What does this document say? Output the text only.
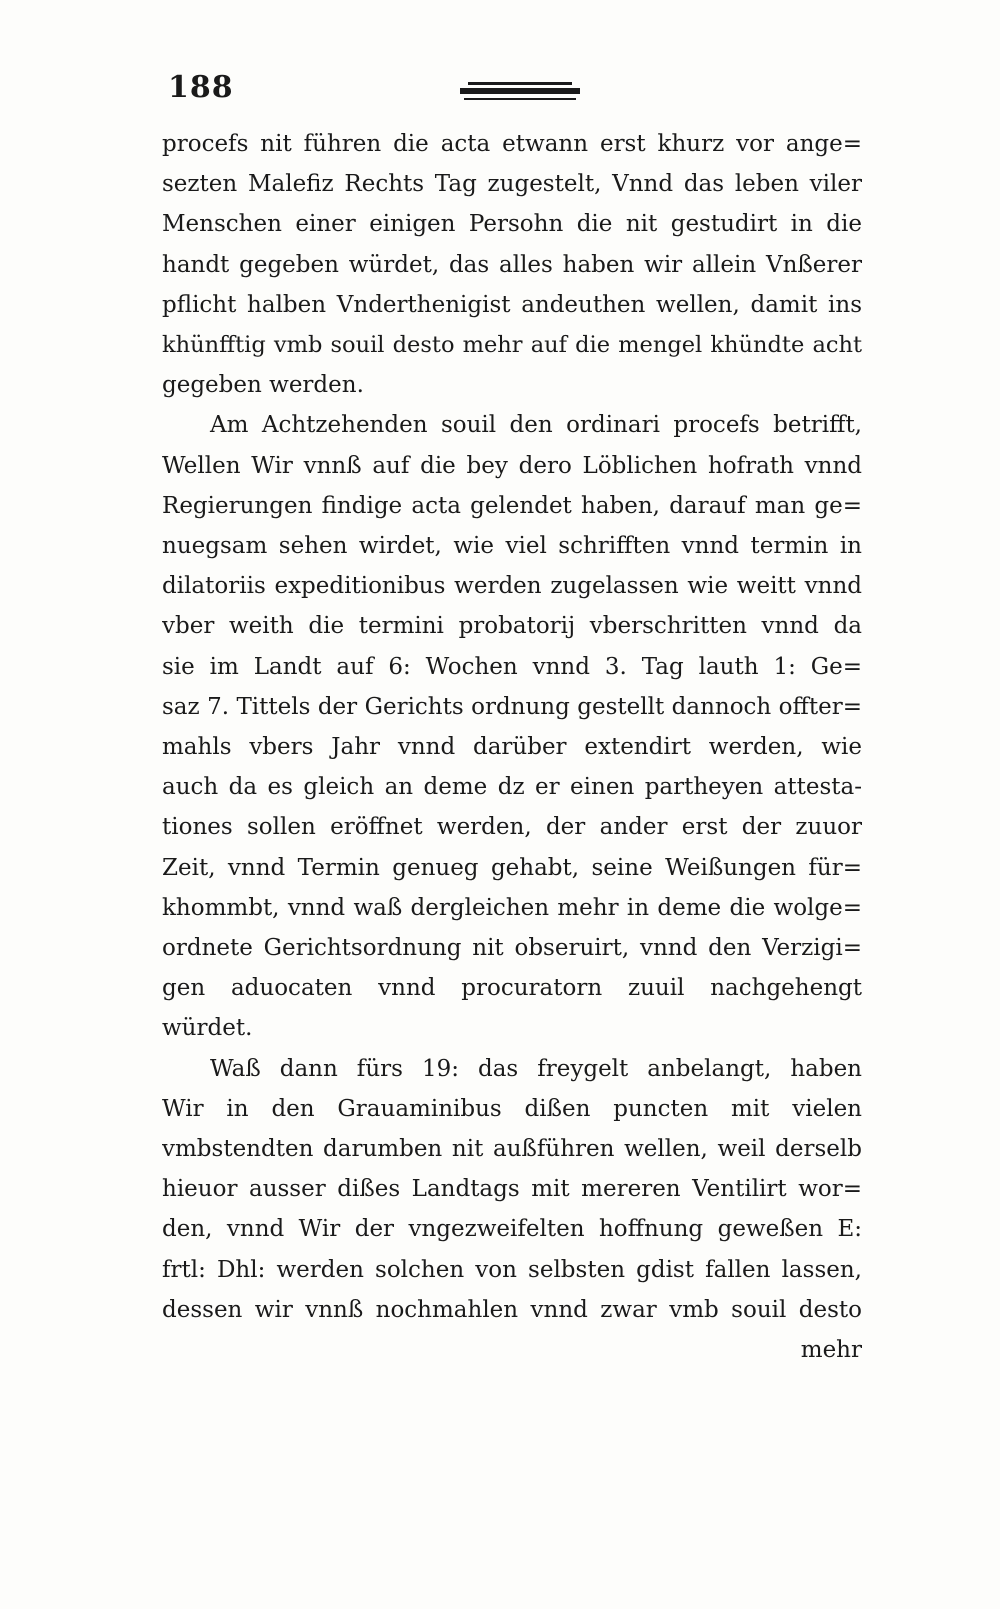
188
procefs nit führen die acta etwann erst khurz vor ange=
sezten Malefiz Rechts Tag zugestelt, Vnnd das leben viler
Menschen einer einigen Persohn die nit gestudirt in die
handt gegeben würdet, das alles haben wir allein Vnßerer
pflicht halben Vnderthenigist andeuthen wellen, damit ins
khünfftig vmb souil desto mehr auf die mengel khündte acht
gegeben werden.
Am Achtzehenden souil den ordinari procefs betrifft,
Wellen Wir vnnß auf die bey dero Löblichen hofrath vnnd
Regierungen findige acta gelendet haben, darauf man ge=
nuegsam sehen wirdet, wie viel schrifften vnnd termin in
dilatoriis expeditionibus werden zugelassen wie weitt vnnd
vber weith die termini probatorij vberschritten vnnd da
sie im Landt auf 6: Wochen vnnd 3. Tag lauth 1: Ge=
saz 7. Tittels der Gerichts ordnung gestellt dannoch offter=
mahls vbers Jahr vnnd darüber extendirt werden, wie
auch da es gleich an deme dz er einen partheyen attesta-
tiones sollen eröffnet werden, der ander erst der zuuor
Zeit, vnnd Termin genueg gehabt, seine Weißungen für=
khommbt, vnnd waß dergleichen mehr in deme die wolge=
ordnete Gerichtsordnung nit obseruirt, vnnd den Verzigi=
gen aduocaten vnnd procuratorn zuuil nachgehengt
würdet.
Waß dann fürs 19: das freygelt anbelangt, haben
Wir in den Grauaminibus dißen puncten mit vielen
vmbstendten darumben nit außführen wellen, weil derselb
hieuor ausser dißes Landtags mit mereren Ventilirt wor=
den, vnnd Wir der vngezweifelten hoffnung geweßen E:
frtl: Dhl: werden solchen von selbsten gdist fallen lassen,
dessen wir vnnß nochmahlen vnnd zwar vmb souil desto
mehr
